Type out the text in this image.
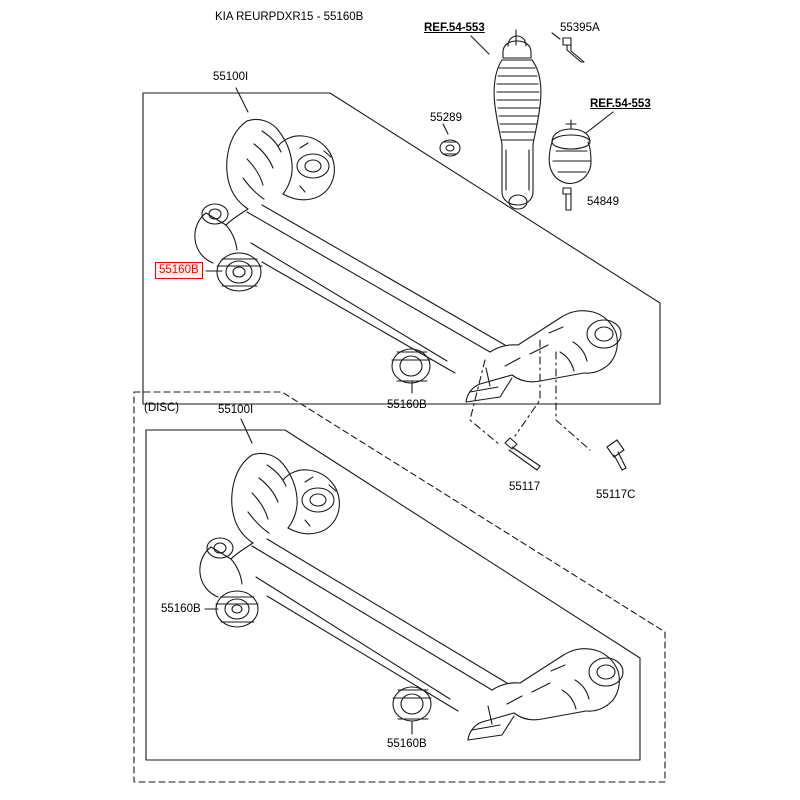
KIA REURPDXR15 - 55160B
REF.54-553	55395A
55100I
55289
REF.54-553
54849
55160B
55160B
(DISC)	55100I
55117
55117C
55160B
55160B
